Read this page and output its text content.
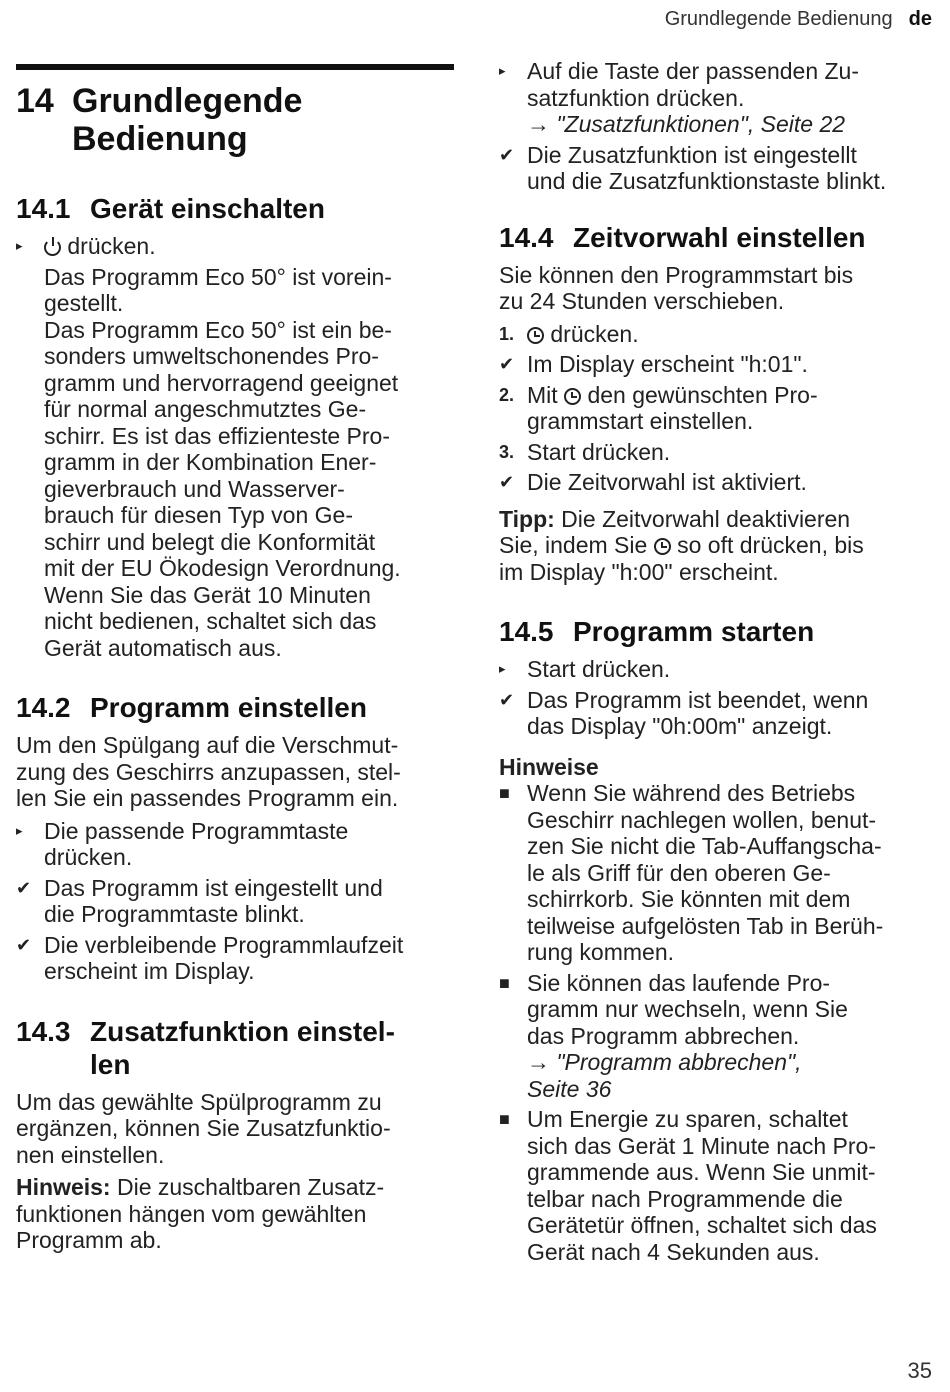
Grundlegende Bedienung de
14 Grundlegende
Bedienung
14.1 Gerät einschalten
▸	drücken.

Das Programm Eco 50° ist vorein-
gestellt.

Das Programm Eco 50° ist ein be-
sonders umweltschonendes Pro-
gramm und hervorragend geeignet
für normal angeschmutztes Ge-
schirr. Es ist das effizienteste Pro-
gramm in der Kombination Ener-
gieverbrauch und Wasserver-
brauch für diesen Typ von Ge-
schirr und belegt die Konformität
mit der EU Ökodesign Verordnung.

Wenn Sie das Gerät 10 Minuten
nicht bedienen, schaltet sich das
Gerät automatisch aus.

14.2 Programm einstellen

Um den Spülgang auf die Verschmut-
zung des Geschirrs anzupassen, stel-
len Sie ein passendes Programm ein.

▸ Die passende Programmtaste
drücken.
✔ Das Programm ist eingestellt und
die Programmtaste blinkt.
✔ Die verbleibende Programmlaufzeit
erscheint im Display.
14.3 Zusatzfunktion einstel-
len

Um das gewählte Spülprogramm zu
ergänzen, können Sie Zusatzfunktio-
nen einstellen.

Hinweis: Die zuschaltbaren Zusatz-
funktionen hängen vom gewählten
Programm ab.

▸ Auf die Taste der passenden Zu-
satzfunktion drücken.
→ "Zusatzfunktionen", Seite 22
✔ Die Zusatzfunktion ist eingestellt
und die Zusatzfunktionstaste blinkt.
14.4 Zeitvorwahl einstellen

Sie können den Programmstart bis
zu 24 Stunden verschieben.

1.	drücken.
✔ Im Display erscheint "h:01".
2. Mit den gewünschten Pro-
grammstart einstellen.
3. Start drücken.
✔ Die Zeitvorwahl ist aktiviert.

Tipp: Die Zeitvorwahl deaktivieren
Sie, indem Sie so oft drücken, bis
im Display "h:00" erscheint.

14.5 Programm starten
▸ Start drücken.
✔ Das Programm ist beendet, wenn
das Display "0h:00m" anzeigt.
Hinweise
■ Wenn Sie während des Betriebs
Geschirr nachlegen wollen, benut-
zen Sie nicht die Tab-Auffangscha-
le als Griff für den oberen Ge-
schirrkorb. Sie könnten mit dem
teilweise aufgelösten Tab in Berüh-
rung kommen.
■ Sie können das laufende Pro-
gramm nur wechseln, wenn Sie
das Programm abbrechen.
→ "Programm abbrechen",
Seite 36
■ Um Energie zu sparen, schaltet
sich das Gerät 1 Minute nach Pro-
grammende aus. Wenn Sie unmit-
telbar nach Programmende die
Gerätetür öffnen, schaltet sich das
Gerät nach 4 Sekunden aus.
35
